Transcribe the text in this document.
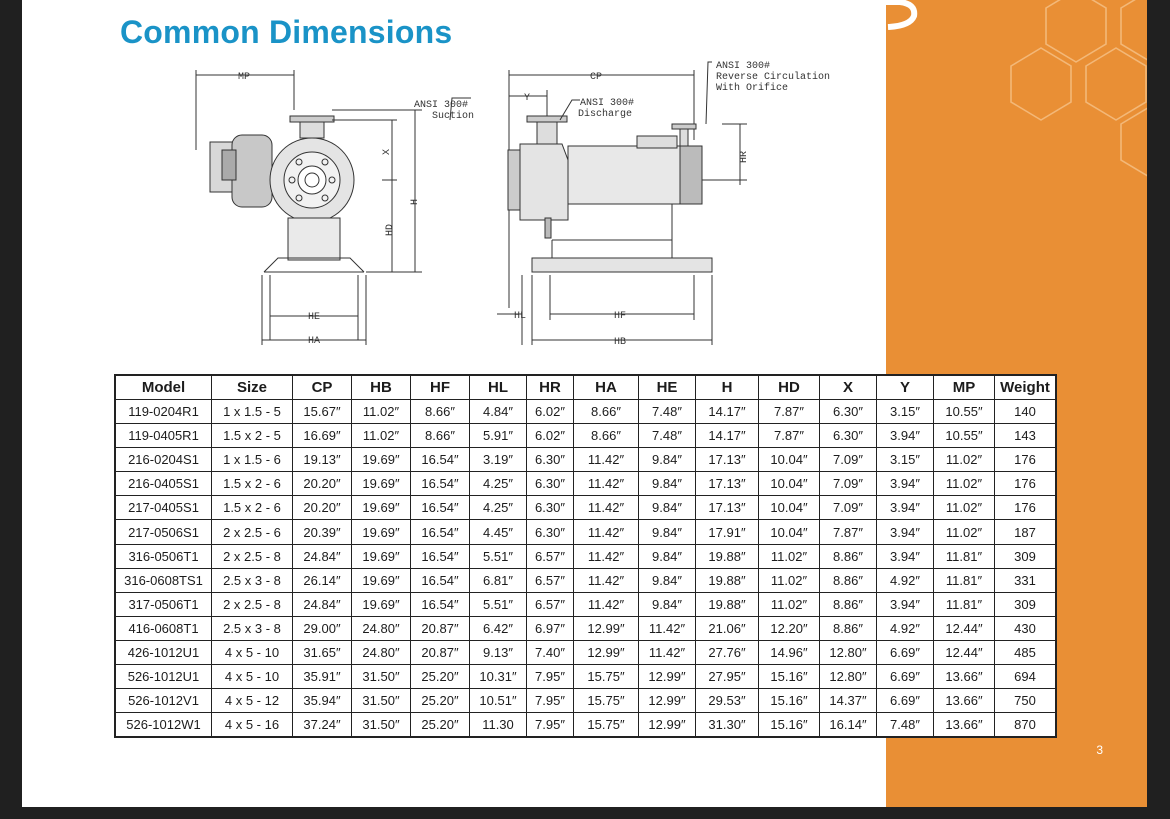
Common Dimensions
MP
ANSI 300#
Suction
X
H
HD
HE
HA
Y
CP
ANSI 300#
Discharge
ANSI 300#
Reverse Circulation
With Orifice
HR
HL	HF
HB
Model	Size	CP	HB	HF	HL	HR	HA	HE	H	HD	X	Y	MP	Weight
119-0204R1	1 x 1.5 - 5	15.67″	11.02″	8.66″	4.84″	6.02″	8.66″	7.48″	14.17″	7.87″	6.30″	3.15″	10.55″	140
119-0405R1	1.5 x 2 - 5	16.69″	11.02″	8.66″	5.91″	6.02″	8.66″	7.48″	14.17″	7.87″	6.30″	3.94″	10.55″	143
216-0204S1	1 x 1.5 - 6	19.13″	19.69″	16.54″	3.19″	6.30″	11.42″	9.84″	17.13″	10.04″	7.09″	3.15″	11.02″	176
216-0405S1	1.5 x 2 - 6	20.20″	19.69″	16.54″	4.25″	6.30″	11.42″	9.84″	17.13″	10.04″	7.09″	3.94″	11.02″	176
217-0405S1	1.5 x 2 - 6	20.20″	19.69″	16.54″	4.25″	6.30″	11.42″	9.84″	17.13″	10.04″	7.09″	3.94″	11.02″	176
217-0506S1	2 x 2.5 - 6	20.39″	19.69″	16.54″	4.45″	6.30″	11.42″	9.84″	17.91″	10.04″	7.87″	3.94″	11.02″	187
316-0506T1	2 x 2.5 - 8	24.84″	19.69″	16.54″	5.51″	6.57″	11.42″	9.84″	19.88″	11.02″	8.86″	3.94″	11.81″	309
316-0608TS1	2.5 x 3 - 8	26.14″	19.69″	16.54″	6.81″	6.57″	11.42″	9.84″	19.88″	11.02″	8.86″	4.92″	11.81″	331
317-0506T1	2 x 2.5 - 8	24.84″	19.69″	16.54″	5.51″	6.57″	11.42″	9.84″	19.88″	11.02″	8.86″	3.94″	11.81″	309
416-0608T1	2.5 x 3 - 8	29.00″	24.80″	20.87″	6.42″	6.97″	12.99″	11.42″	21.06″	12.20″	8.86″	4.92″	12.44″	430
426-1012U1	4 x 5 - 10	31.65″	24.80″	20.87″	9.13″	7.40″	12.99″	11.42″	27.76″	14.96″	12.80″	6.69″	12.44″	485
526-1012U1	4 x 5 - 10	35.91″	31.50″	25.20″	10.31″	7.95″	15.75″	12.99″	27.95″	15.16″	12.80″	6.69″	13.66″	694
526-1012V1	4 x 5 - 12	35.94″	31.50″	25.20″	10.51″	7.95″	15.75″	12.99″	29.53″	15.16″	14.37″	6.69″	13.66″	750
526-1012W1	4 x 5 - 16	37.24″	31.50″	25.20″	11.30	7.95″	15.75″	12.99″	31.30″	15.16″	16.14″	7.48″	13.66″	870
3
